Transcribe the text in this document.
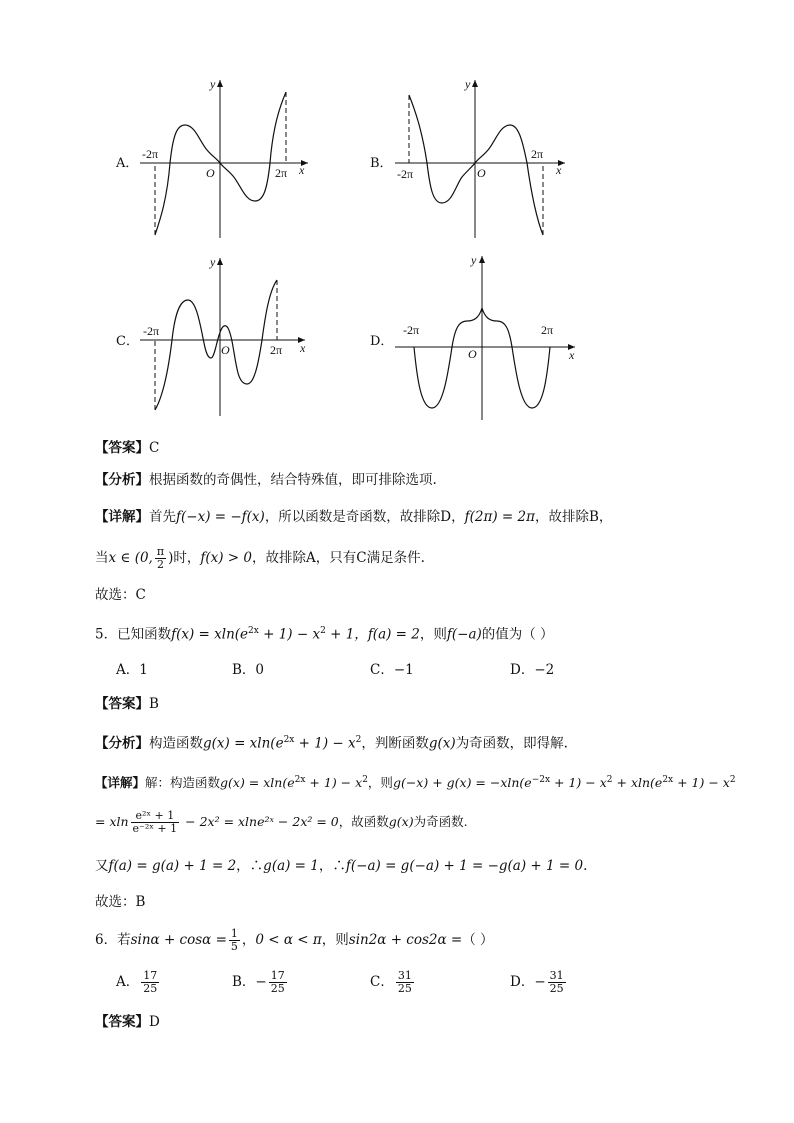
A．
-2π
2π
O	x
y
B．
-2π
2π
O	x
y
C．
-2π
2π
O	x
y
D．
-2π	2π
O	x
y
【答案】C
【分析】根据函数的奇偶性，结合特殊值，即可排除选项.
【详解】首先f(−x) = −f(x)，所以函数是奇函数，故排除D，f(2π) = 2π，故排除B，
当x ∈ (0, $\frac{\pi}{2}$ )时，f(x) > 0，故排除A，只有C满足条件.
故选：C
5．已知函数$f(x) = xln(e^{2x} + 1) - x^2 + 1$，f(a) = 2，则f(−a)的值为（ ）
A．1	B．0	C．−1	D．−2
【答案】B
【分析】构造函数$g(x) = xln(e^{2x} + 1) - x^2$，判断函数g(x)为奇函数，即得解.
【详解】解：构造函数$g(x) = xln(e^{2x} + 1) - x^2$，则$g(-x) + g(x) = -xln(e^{-2x} + 1) - x^2 + xln(e^{2x} + 1) - x^2$
= xln $\frac{\text{e²ˣ + 1}}{\text{e⁻²ˣ + 1}} - 2x^2$ = xlne²ˣ − 2x² = 0，故函数g(x)为奇函数.
又f(a) = g(a) + 1 = 2，∴g(a) = 1，∴f(−a) = g(−a) + 1 = −g(a) + 1 = 0.
故选：B
6．若$\sin\alpha + \cos\alpha = \frac{1}{5}$ ，0 < α < π，则sin2α + cos2α =（ ）
A． $\frac{17}{25}$	B．− $\frac{17}{25}$	C． $\frac{31}{25}$	D．− $\frac{31}{25}$
【答案】D
